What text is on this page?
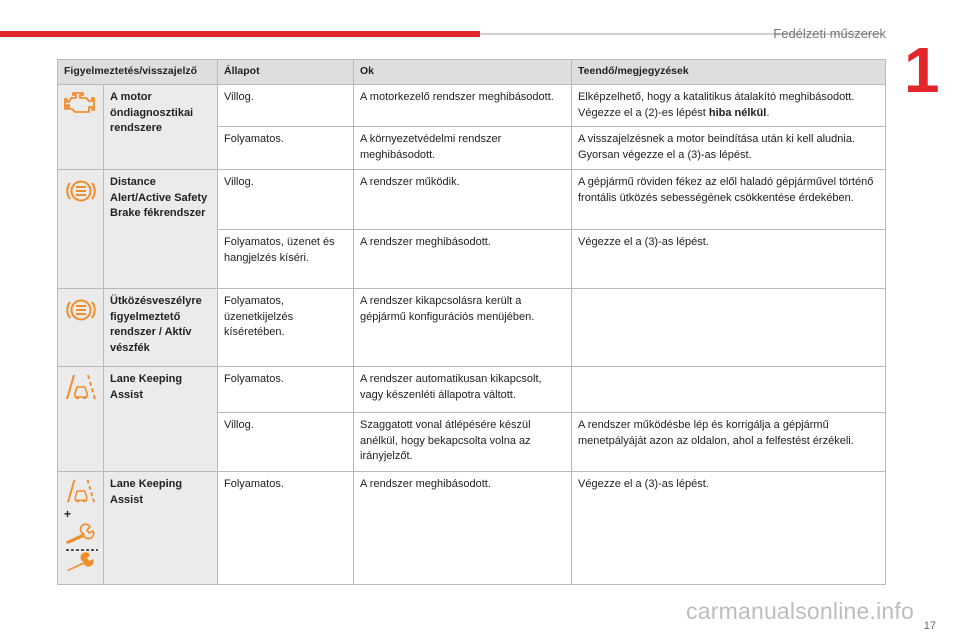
Fedélzeti műszerek
1
Figyelmeztetés/visszajelző		Állapot	Ok	Teendő/megjegyzések

	A motor öndiagnosztikai rendszere	Villog.	A motorkezelő rendszer meghibásodott.	Elképzelhető, hogy a katalitikus átalakító meghibásodott. Végezze el a (2)-es lépést hiba nélkül.
		Folyamatos.	A környezetvédelmi rendszer meghibásodott.	A visszajelzésnek a motor beindítása után ki kell aludnia. Gyorsan végezze el a (3)-as lépést.

	Distance Alert/Active Safety Brake fékrendszer	Villog.	A rendszer működik.	A gépjármű röviden fékez az elől haladó gépjárművel történő frontális ütközés sebességének csökkentése érdekében.
		Folyamatos, üzenet és hangjelzés kíséri.	A rendszer meghibásodott.	Végezze el a (3)-as lépést.

	Ütközésveszélyre figyelmeztető rendszer / Aktív vészfék	Folyamatos, üzenetkijelzés kíséretében.	A rendszer kikapcsolásra került a gépjármű konfigurációs menüjében.	

	Lane Keeping Assist	Folyamatos.	A rendszer automatikusan kikapcsolt, vagy készenléti állapotra váltott.	
		Villog.	Szaggatott vonal átlépésére készül anélkül, hogy bekapcsolta volna az irányjelzőt.	A rendszer működésbe lép és korrigálja a gépjármű menetpályáját azon az oldalon, ahol a felfestést érzékeli.

+	Lane Keeping Assist	Folyamatos.	A rendszer meghibásodott.	Végezze el a (3)-as lépést.
carmanualsonline.info
17
